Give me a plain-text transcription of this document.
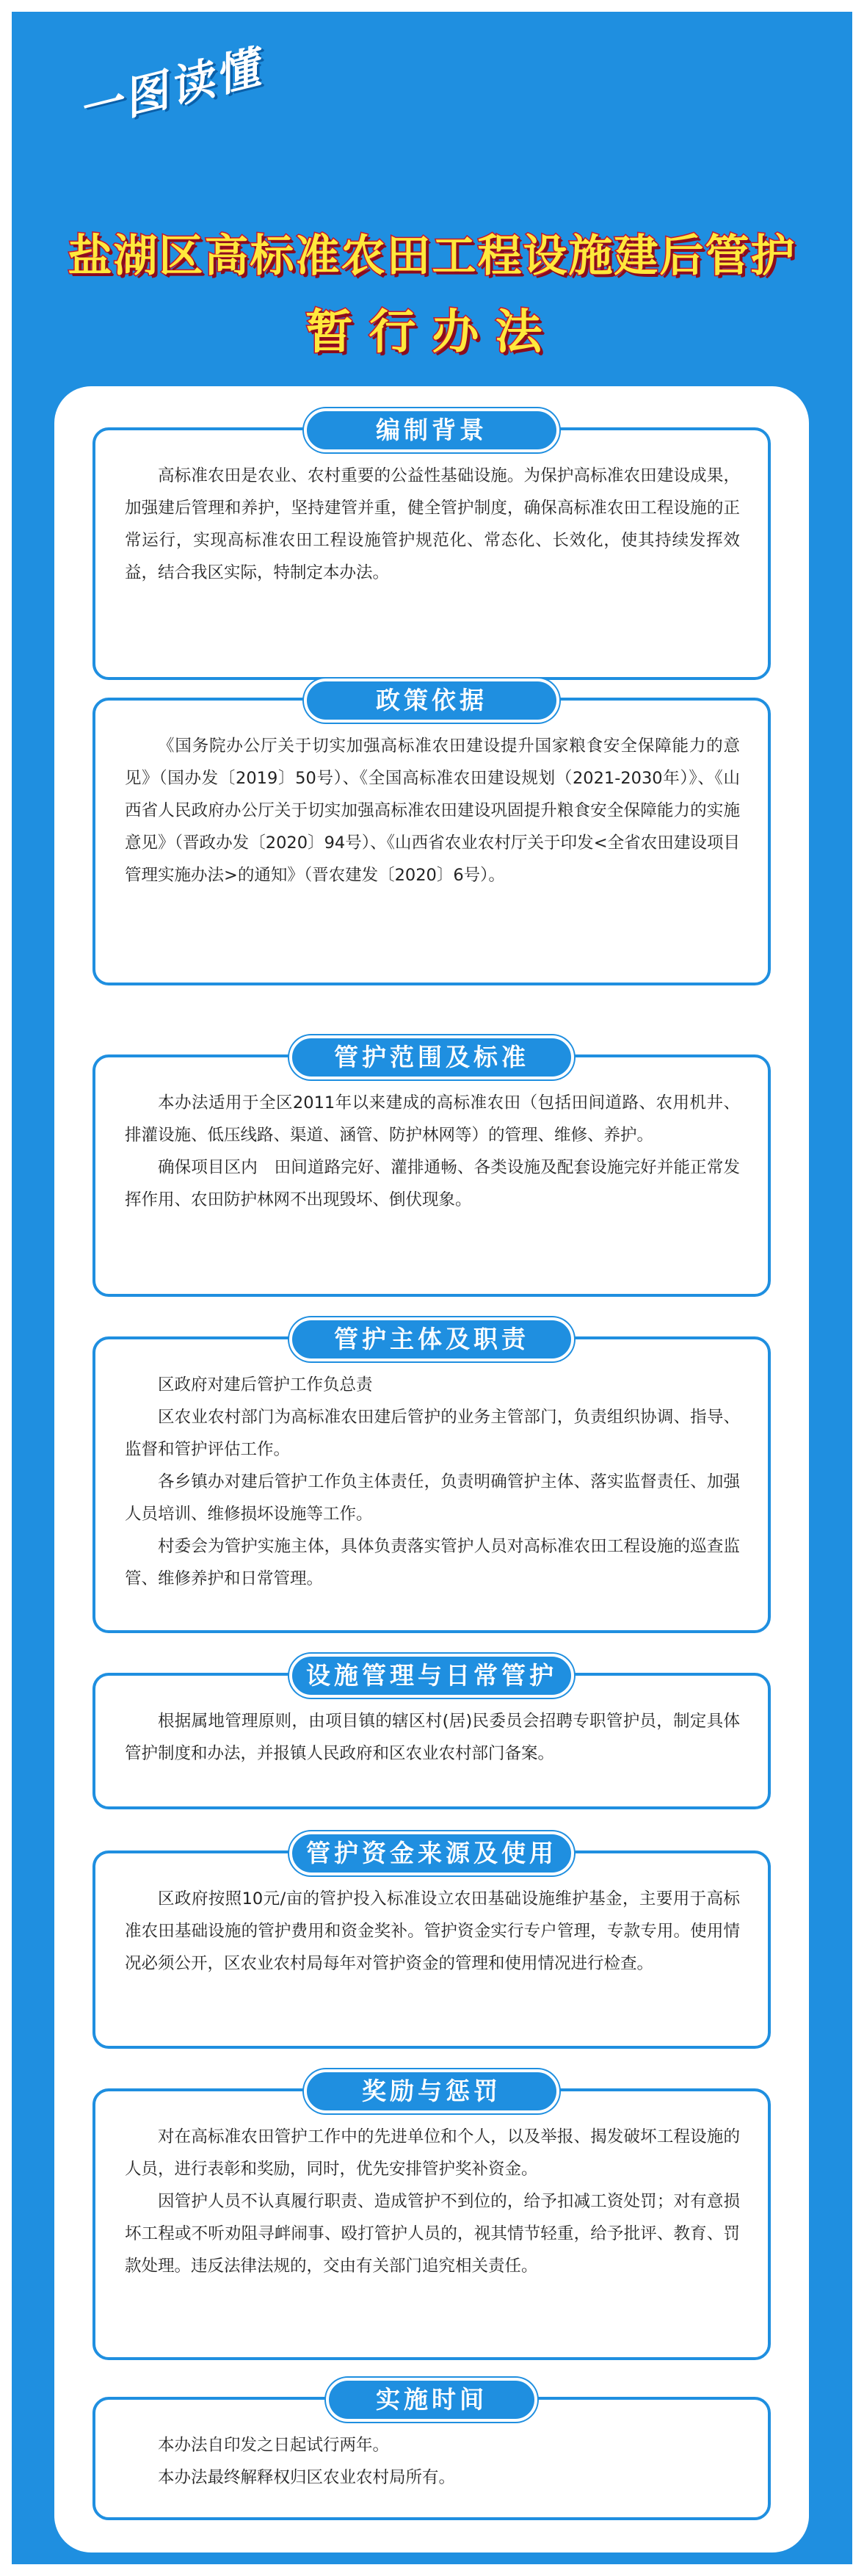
一图读懂
盐湖区高标准农田工程设施建后管护
暂行办法
编制背景

高标准农田是农业、农村重要的公益性基础设施。为保护高标准农田建设成果，加强建后管理和养护，坚持建管并重，健全管护制度，确保高标准农田工程设施的正常运行，实现高标准农田工程设施管护规范化、常态化、长效化，使其持续发挥效益，结合我区实际，特制定本办法。

政策依据

《国务院办公厅关于切实加强高标准农田建设提升国家粮食安全保障能力的意见》（国办发〔2019〕50号）、《全国高标准农田建设规划（2021-2030年）》、《山西省人民政府办公厅关于切实加强高标准农田建设巩固提升粮食安全保障能力的实施意见》（晋政办发〔2020〕94号）、《山西省农业农村厅关于印发<全省农田建设项目管理实施办法>的通知》（晋农建发〔2020〕6号）。

管护范围及标准

本办法适用于全区2011年以来建成的高标准农田（包括田间道路、农用机井、排灌设施、低压线路、渠道、涵管、防护林网等）的管理、维修、养护。

确保项目区内　田间道路完好、灌排通畅、各类设施及配套设施完好并能正常发挥作用、农田防护林网不出现毁坏、倒伏现象。

管护主体及职责

区政府对建后管护工作负总责

区农业农村部门为高标准农田建后管护的业务主管部门，负责组织协调、指导、监督和管护评估工作。

各乡镇办对建后管护工作负主体责任，负责明确管护主体、落实监督责任、加强人员培训、维修损坏设施等工作。

村委会为管护实施主体，具体负责落实管护人员对高标准农田工程设施的巡查监管、维修养护和日常管理。

设施管理与日常管护

根据属地管理原则，由项目镇的辖区村(居)民委员会招聘专职管护员，制定具体管护制度和办法，并报镇人民政府和区农业农村部门备案。

管护资金来源及使用

区政府按照10元/亩的管护投入标准设立农田基础设施维护基金，主要用于高标准农田基础设施的管护费用和资金奖补。管护资金实行专户管理，专款专用。使用情况必须公开，区农业农村局每年对管护资金的管理和使用情况进行检查。

奖励与惩罚

对在高标准农田管护工作中的先进单位和个人，以及举报、揭发破坏工程设施的人员，进行表彰和奖励，同时，优先安排管护奖补资金。

因管护人员不认真履行职责、造成管护不到位的，给予扣减工资处罚；对有意损坏工程或不听劝阻寻衅闹事、殴打管护人员的，视其情节轻重，给予批评、教育、罚款处理。违反法律法规的，交由有关部门追究相关责任。

实施时间

本办法自印发之日起试行两年。

本办法最终解释权归区农业农村局所有。
